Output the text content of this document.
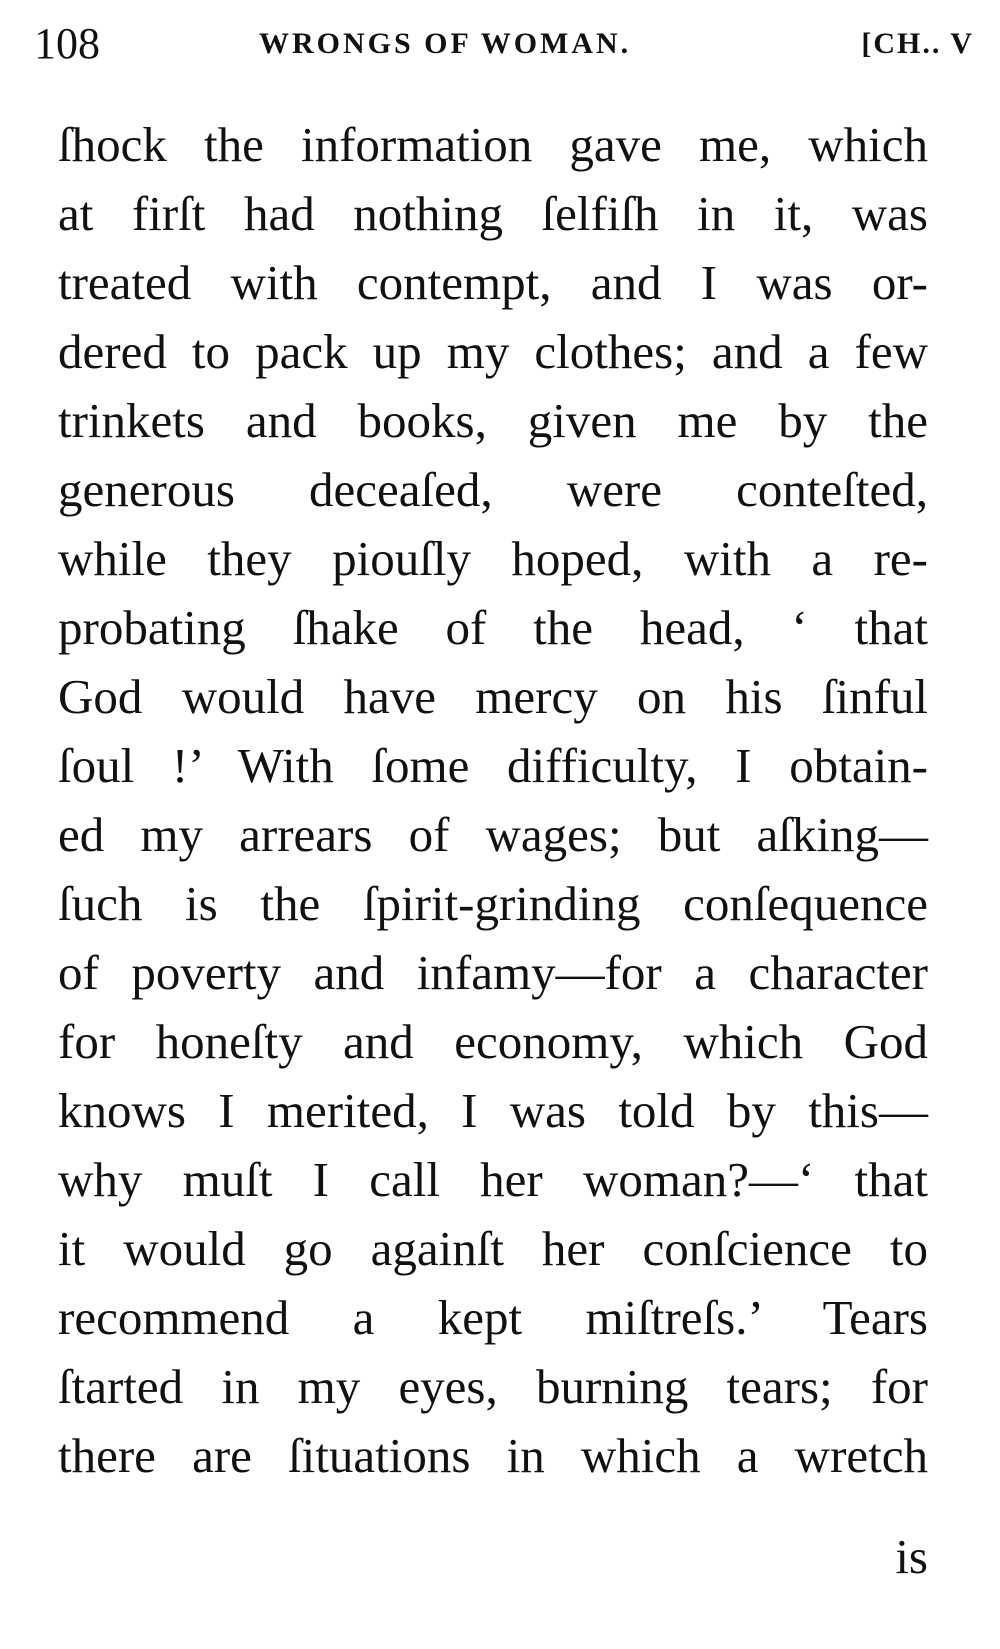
108	WRONGS OF WOMAN.	[CH.. V
ſhock the information gave me, which
at firſt had nothing ſelfiſh in it, was
treated with contempt, and I was or-
dered to pack up my clothes; and a few
trinkets and books, given me by the
generous deceaſed, were conteſted,
while they piouſly hoped, with a re-
probating ſhake of the head, ‘ that
God would have mercy on his ſinful
ſoul !’ With ſome difficulty, I obtain-
ed my arrears of wages; but aſking—
ſuch is the ſpirit-grinding conſequence
of poverty and infamy—for a character
for honeſty and economy, which God
knows I merited, I was told by this—
why muſt I call her woman?—‘ that
it would go againſt her conſcience to
recommend a kept miſtreſs.’ Tears
ſtarted in my eyes, burning tears; for
there are ſituations in which a wretch
is
